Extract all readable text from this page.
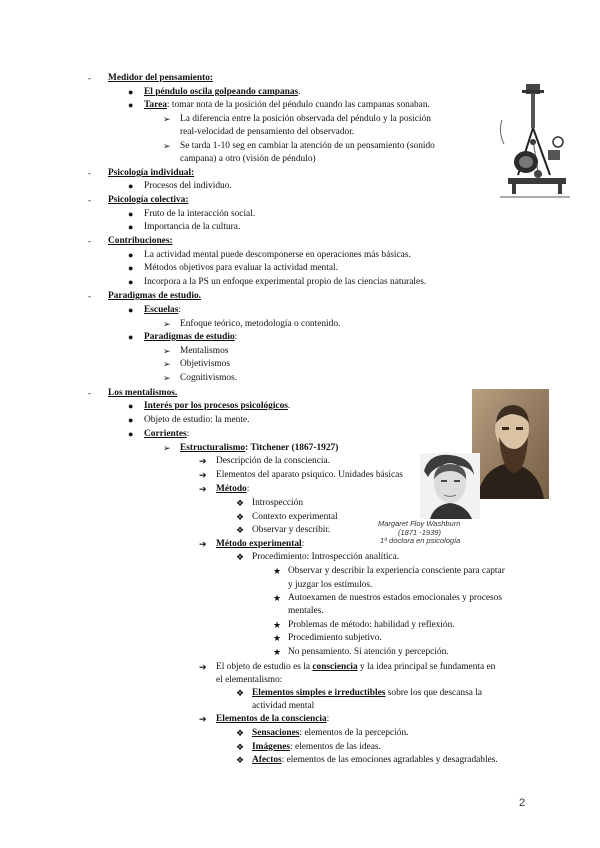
Margaret Floy Washburn
(1871 -1939)
1ª doctora en psicología
- Medidor del pensamiento:
● El péndulo oscila golpeando campanas.
● Tarea: tomar nota de la posición del péndulo cuando las campanas sonaban.
➢ La diferencia entre la posición observada del péndulo y la posición
real-velocidad de pensamiento del observador.
➢ Se tarda 1-10 seg en cambiar la atención de un pensamiento (sonido
campana) a otro (visión de péndulo)
- Psicología individual:
● Procesos del individuo.
- Psicología colectiva:
● Fruto de la interacción social.
● Importancia de la cultura.
- Contribuciones:
● La actividad mental puede descomponerse en operaciones más básicas.
● Métodos objetivos para evaluar la actividad mental.
● Incorpora a la PS un enfoque experimental propio de las ciencias naturales.
- Paradigmas de estudio.
● Escuelas:
➢ Enfoque teórico, metodología o contenido.
● Paradigmas de estudio:
➢ Mentalismos
➢ Objetivismos
➢ Cognitivismos.
- Los mentalismos.
● Interés por los procesos psicológicos.
● Objeto de estudio: la mente.
● Corrientes:
➢ Estructuralismo: Titchener (1867-1927)
➔ Descripción de la consciencia.
➔ Elementos del aparato psíquico. Unidades básicas
➔ Método:
❖ Introspección
❖ Contexto experimental
❖ Observar y describir.
➔ Método experimental:
❖ Procedimiento: Introspección analítica.
★ Observar y describir la experiencia consciente para captar
y juzgar los estímulos.
★ Autoexamen de nuestros estados emocionales y procesos
mentales.
★ Problemas de método: habilidad y reflexión.
★ Procedimiento subjetivo.
★ No pensamiento. Si atención y percepción.
➔ El objeto de estudio es la consciencia y la idea principal se fundamenta en
el elementalismo:
❖ Elementos simples e irreductibles sobre los que descansa la
actividad mental
➔ Elementos de la consciencia:
❖ Sensaciones: elementos de la percepción.
❖ Imágenes: elementos de las ideas.
❖ Afectos: elementos de las emociones agradables y desagradables.
2
